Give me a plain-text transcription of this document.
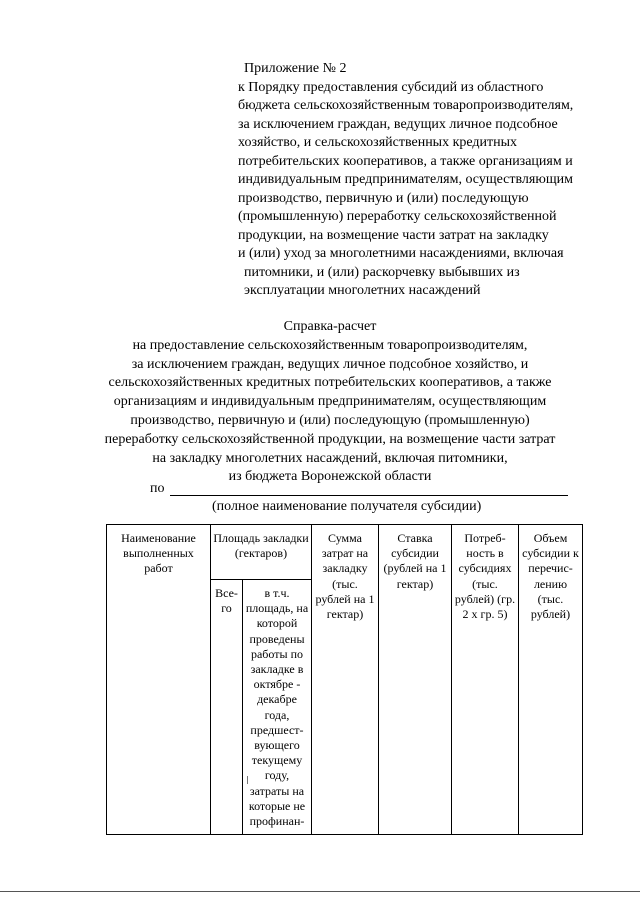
Приложение № 2
к Порядку предоставления субсидий из областного
бюджета сельскохозяйственным товаропроизводителям,
за исключением граждан, ведущих личное подсобное
хозяйство, и сельскохозяйственных кредитных
потребительских кооперативов, а также организациям и
индивидуальным предпринимателям, осуществляющим
производство, первичную и (или) последующую
(промышленную) переработку сельскохозяйственной
продукции, на возмещение части затрат на закладку
и (или) уход за многолетними насаждениями, включая
питомники, и (или) раскорчевку выбывших из
эксплуатации многолетних насаждений
Справка-расчет
на предоставление сельскохозяйственным товаропроизводителям,
за исключением граждан, ведущих личное подсобное хозяйство, и
сельскохозяйственных кредитных потребительских кооперативов, а также
организациям и индивидуальным предпринимателям, осуществляющим
производство, первичную и (или) последующую (промышленную)
переработку сельскохозяйственной продукции, на возмещение части затрат
на закладку многолетних насаждений, включая питомники,
из бюджета Воронежской области
по
(полное наименование получателя субсидии)
Наименование выполненных работ	Площадь закладки (гектаров)		Сумма затрат на закладку (тыс. рублей на 1 гектар)	Ставка субсидии (рублей на 1 гектар)	Потреб-ность в субсидиях (тыс. рублей) (гр. 2 х гр. 5)	Объем субсидии к перечис-лению (тыс. рублей)
	Все-го	в т.ч. площадь, на которой проведены работы по закладке в октябре - декабре года, предшест-вующего текущему году, затраты на которые не профинан-				
